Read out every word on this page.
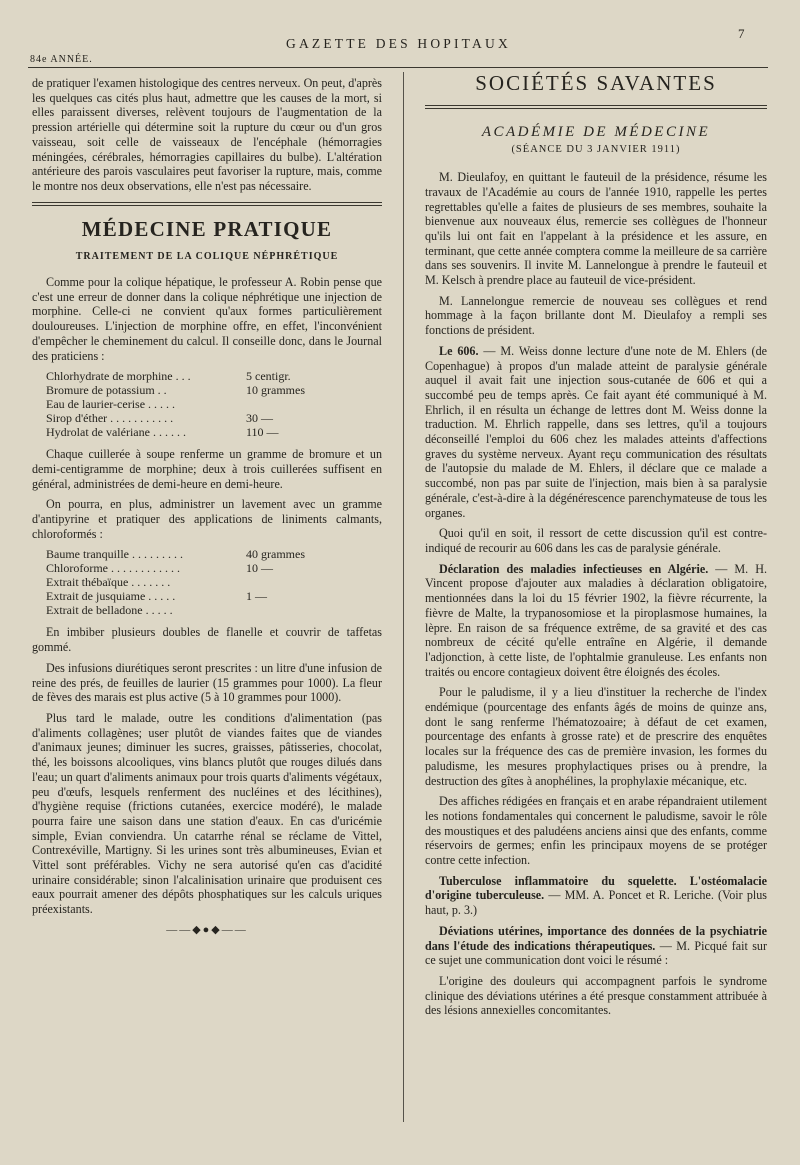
84e ANNÉE.
GAZETTE DES HOPITAUX
7

de pratiquer l'examen histologique des centres nerveux. On peut, d'après les quelques cas cités plus haut, admettre que les causes de la mort, si elles paraissent diverses, relèvent toujours de l'augmentation de la pression artérielle qui détermine soit la rupture du cœur ou d'un gros vaisseau, soit celle de vaisseaux de l'encéphale (hémorragies méningées, cérébrales, hémorragies capillaires du bulbe). L'altération antérieure des parois vasculaires peut favoriser la rupture, mais, comme le montre nos deux observations, elle n'est pas nécessaire.

MÉDECINE PRATIQUE
TRAITEMENT DE LA COLIQUE NÉPHRÉTIQUE

Comme pour la colique hépatique, le professeur A. Robin pense que c'est une erreur de donner dans la colique néphrétique une injection de morphine. Celle-ci ne convient qu'aux formes particulièrement douloureuses. L'injection de morphine offre, en effet, l'inconvénient d'empêcher le cheminement du calcul. Il conseille donc, dans le Journal des praticiens :

Chlorhydrate de morphine . . .	5 centigr.
Bromure de potassium . .	10 grammes
Eau de laurier-cerise . . . . .
Sirop d'éther . . . . . . . . . . .	30 —
Hydrolat de valériane . . . . . .	110 —

Chaque cuillerée à soupe renferme un gramme de bromure et un demi-centigramme de morphine; deux à trois cuillerées suffisent en général, administrées de demi-heure en demi-heure.

On pourra, en plus, administrer un lavement avec un gramme d'antipyrine et pratiquer des applications de liniments calmants, chloroformés :

Baume tranquille . . . . . . . . .	40 grammes
Chloroforme . . . . . . . . . . . .	10 —
Extrait thébaïque . . . . . . .
Extrait de jusquiame . . . . .	1 —
Extrait de belladone . . . . .

En imbiber plusieurs doubles de flanelle et couvrir de taffetas gommé.

Des infusions diurétiques seront prescrites : un litre d'une infusion de reine des prés, de feuilles de laurier (15 grammes pour 1000). La fleur de fèves des marais est plus active (5 à 10 grammes pour 1000).

Plus tard le malade, outre les conditions d'alimentation (pas d'aliments collagènes; user plutôt de viandes faites que de viandes d'animaux jeunes; diminuer les sucres, graisses, pâtisseries, chocolat, thé, les boissons alcooliques, vins blancs plutôt que rouges dilués dans l'eau; un quart d'aliments animaux pour trois quarts d'aliments végétaux, peu d'œufs, lesquels renferment des nucléines et des lécithines), d'hygiène requise (frictions cutanées, exercice modéré), le malade pourra faire une saison dans une station d'eaux. En cas d'uricémie simple, Evian conviendra. Un catarrhe rénal se réclame de Vittel, Contrexéville, Martigny. Si les urines sont très albumineuses, Evian et Vittel sont préférables. Vichy ne sera autorisé qu'en cas d'acidité urinaire considérable; sinon l'alcalinisation urinaire que produisent ces eaux pourrait amener des dépôts phosphatiques sur les calculs uriques préexistants.

——◆●◆——
SOCIÉTÉS SAVANTES
ACADÉMIE DE MÉDECINE
(SÉANCE DU 3 JANVIER 1911)

M. Dieulafoy, en quittant le fauteuil de la présidence, résume les travaux de l'Académie au cours de l'année 1910, rappelle les pertes regrettables qu'elle a faites de plusieurs de ses membres, souhaite la bienvenue aux nouveaux élus, remercie ses collègues de l'honneur qu'ils lui ont fait en l'appelant à la présidence et les assure, en terminant, que cette année comptera comme la meilleure de sa carrière dans ses souvenirs. Il invite M. Lannelongue à prendre le fauteuil et M. Kelsch à prendre place au fauteuil de vice-président.

M. Lannelongue remercie de nouveau ses collègues et rend hommage à la façon brillante dont M. Dieulafoy a rempli ses fonctions de président.

Le 606. — M. Weiss donne lecture d'une note de M. Ehlers (de Copenhague) à propos d'un malade atteint de paralysie générale auquel il avait fait une injection sous-cutanée de 606 et qui a succombé peu de temps après. Ce fait ayant été communiqué à M. Ehrlich, il en résulta un échange de lettres dont M. Weiss donne la traduction. M. Ehrlich rappelle, dans ses lettres, qu'il a toujours déconseillé l'emploi du 606 chez les malades atteints d'affections graves du système nerveux. Ayant reçu communication des résultats de l'autopsie du malade de M. Ehlers, il déclare que ce malade a succombé, non pas par suite de l'injection, mais bien à sa paralysie générale, c'est-à-dire à la dégénérescence parenchymateuse de tous les organes.

Quoi qu'il en soit, il ressort de cette discussion qu'il est contre-indiqué de recourir au 606 dans les cas de paralysie générale.

Déclaration des maladies infectieuses en Algérie. — M. H. Vincent propose d'ajouter aux maladies à déclaration obligatoire, mentionnées dans la loi du 15 février 1902, la fièvre récurrente, la fièvre de Malte, la trypanosomiose et la piroplasmose humaines, la lèpre. En raison de sa fréquence extrême, de sa gravité et des cas nombreux de cécité qu'elle entraîne en Algérie, il demande l'adjonction, à cette liste, de l'ophtalmie granuleuse. Les enfants non traités ou encore contagieux doivent être éloignés des écoles.

Pour le paludisme, il y a lieu d'instituer la recherche de l'index endémique (pourcentage des enfants âgés de moins de quinze ans, dont le sang renferme l'hématozoaire; à défaut de cet examen, pourcentage des enfants à grosse rate) et de prescrire des enquêtes locales sur la fréquence des cas de première invasion, les formes du paludisme, les mesures prophylactiques prises ou à prendre, la destruction des gîtes à anophélines, la prophylaxie mécanique, etc.

Des affiches rédigées en français et en arabe répandraient utilement les notions fondamentales qui concernent le paludisme, savoir le rôle des moustiques et des paludéens anciens ainsi que des enfants, comme réservoirs de germes; enfin les principaux moyens de se protéger contre cette infection.

Tuberculose inflammatoire du squelette. L'ostéomalacie d'origine tuberculeuse. — MM. A. Poncet et R. Leriche. (Voir plus haut, p. 3.)

Déviations utérines, importance des données de la psychiatrie dans l'étude des indications thérapeutiques. — M. Picqué fait sur ce sujet une communication dont voici le résumé :

L'origine des douleurs qui accompagnent parfois le syndrome clinique des déviations utérines a été presque constamment attribuée à des lésions annexielles concomitantes.
